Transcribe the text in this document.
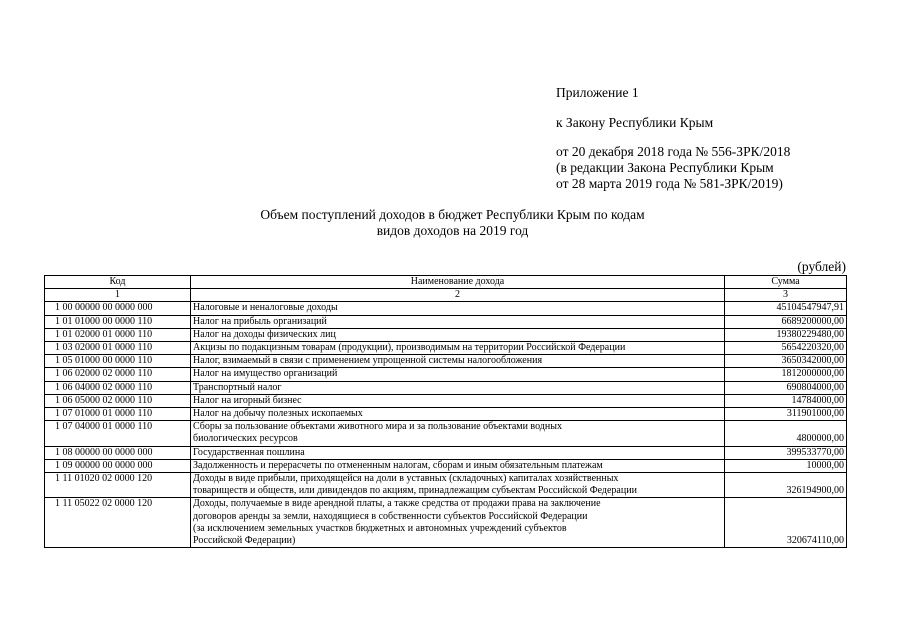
Приложение 1
к Закону Республики Крым
от 20 декабря 2018 года № 556-ЗРК/2018
(в редакции Закона Республики Крым
от 28 марта 2019 года № 581-ЗРК/2019)
Объем поступлений доходов в бюджет Республики Крым по кодам
видов доходов на 2019 год
(рублей)
Код	Наименование дохода	Сумма
1	2	3
1 00 00000 00 0000 000	Налоговые и неналоговые доходы	45104547947,91
1 01 01000 00 0000 110	Налог на прибыль организаций	6689200000,00
1 01 02000 01 0000 110	Налог на доходы физических лиц	19380229480,00
1 03 02000 01 0000 110	Акцизы по подакцизным товарам (продукции), производимым на территории Российской Федерации	5654220320,00
1 05 01000 00 0000 110	Налог, взимаемый в связи с применением упрощенной системы налогообложения	3650342000,00
1 06 02000 02 0000 110	Налог на имущество организаций	1812000000,00
1 06 04000 02 0000 110	Транспортный налог	690804000,00
1 06 05000 02 0000 110	Налог на игорный бизнес	14784000,00
1 07 01000 01 0000 110	Налог на добычу полезных ископаемых	311901000,00
1 07 04000 01 0000 110	Сборы за пользование объектами животного мира и за пользование объектами водных
биологических ресурсов	4800000,00
1 08 00000 00 0000 000	Государственная пошлина	399533770,00
1 09 00000 00 0000 000	Задолженность и перерасчеты по отмененным налогам, сборам и иным обязательным платежам	10000,00
1 11 01020 02 0000 120	Доходы в виде прибыли, приходящейся на доли в уставных (складочных) капиталах хозяйственных
товариществ и обществ, или дивидендов по акциям, принадлежащим субъектам Российской Федерации	326194900,00
1 11 05022 02 0000 120	Доходы, получаемые в виде арендной платы, а также средства от продажи права на заключение
договоров аренды за земли, находящиеся в собственности субъектов Российской Федерации
(за исключением земельных участков бюджетных и автономных учреждений субъектов
Российской Федерации)	320674110,00
